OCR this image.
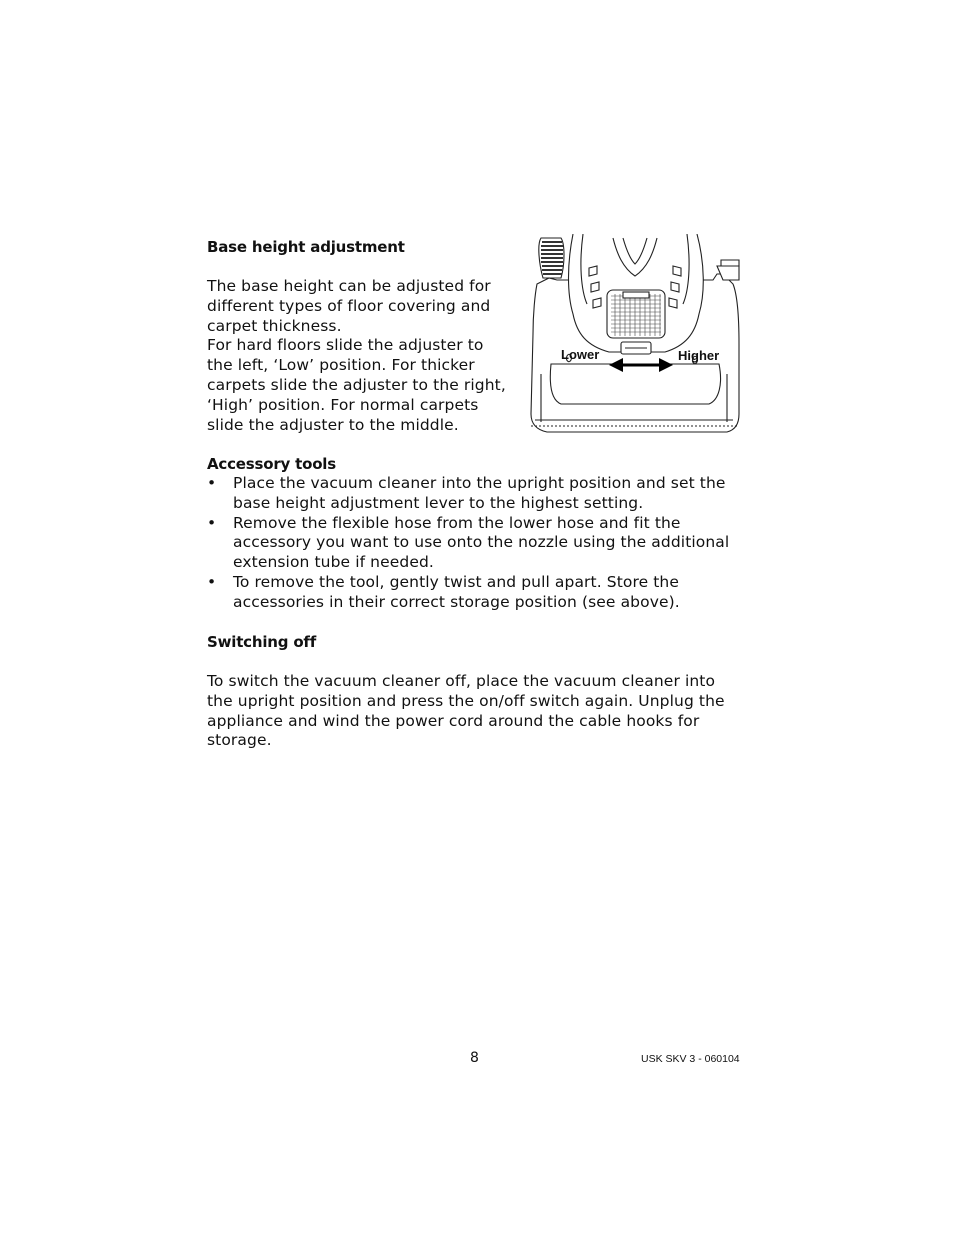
Base height adjustment
The base height can be adjusted for
different types of floor covering and
carpet thickness.
For hard floors slide the adjuster to
the left, ‘Low’ position. For thicker
carpets slide the adjuster to the right,
‘High’ position. For normal carpets
slide the adjuster to the middle.
Lower	Higher
Accessory tools
• Place the vacuum cleaner into the upright position and set the
base height adjustment lever to the highest setting.
• Remove the flexible hose from the lower hose and fit the
accessory you want to use onto the nozzle using the additional
extension tube if needed.
• To remove the tool, gently twist and pull apart. Store the
accessories in their correct storage position (see above).
Switching off
To switch the vacuum cleaner off, place the vacuum cleaner into
the upright position and press the on/off switch again. Unplug the
appliance and wind the power cord around the cable hooks for
storage.
8	USK SKV 3 - 060104
